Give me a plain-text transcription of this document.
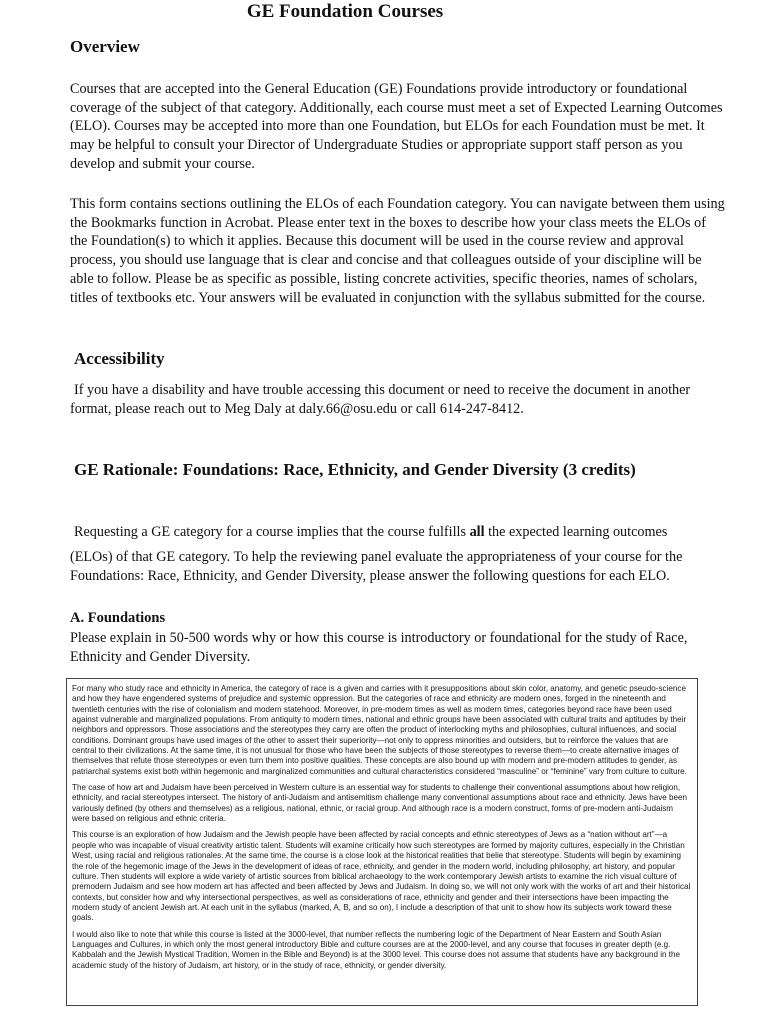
GE Foundation Courses
Overview

Courses that are accepted into the General Education (GE) Foundations provide introductory or foundational coverage of the subject of that category. Additionally, each course must meet a set of Expected Learning Outcomes (ELO). Courses may be accepted into more than one Foundation, but ELOs for each Foundation must be met. It may be helpful to consult your Director of Undergraduate Studies or appropriate support staff person as you develop and submit your course.

This form contains sections outlining the ELOs of each Foundation category. You can navigate between them using the Bookmarks function in Acrobat. Please enter text in the boxes to describe how your class meets the ELOs of the Foundation(s) to which it applies. Because this document will be used in the course review and approval process, you should use language that is clear and concise and that colleagues outside of your discipline will be able to follow. Please be as specific as possible, listing concrete activities, specific theories, names of scholars, titles of textbooks etc. Your answers will be evaluated in conjunction with the syllabus submitted for the course.

Accessibility

If you have a disability and have trouble accessing this document or need to receive the document in another format, please reach out to Meg Daly at daly.66@osu.edu or call 614-247-8412.

GE Rationale: Foundations: Race, Ethnicity, and Gender Diversity (3 credits)

Requesting a GE category for a course implies that the course fulfills all the expected learning outcomes

(ELOs) of that GE category. To help the reviewing panel evaluate the appropriateness of your course for the Foundations: Race, Ethnicity, and Gender Diversity, please answer the following questions for each ELO.

A. Foundations

Please explain in 50-500 words why or how this course is introductory or foundational for the study of Race, Ethnicity and Gender Diversity.

For many who study race and ethnicity in America, the category of race is a given and carries with it presuppositions about skin color, anatomy, and genetic pseudo-science and how they have engendered systems of prejudice and systemic oppression. But the categories of race and ethnicity are modern ones, forged in the nineteenth and twentieth centuries with the rise of colonialism and modern statehood. Moreover, in pre-modern times as well as modern times, categories beyond race have been used against vulnerable and marginalized populations. From antiquity to modern times, national and ethnic groups have been associated with cultural traits and aptitudes by their neighbors and oppressors. Those associations and the stereotypes they carry are often the product of interlocking myths and philosophies, cultural influences, and social conditions. Dominant groups have used images of the other to assert their superiority—not only to oppress minorities and outsiders, but to reinforce the values that are central to their civilizations. At the same time, it is not unusual for those who have been the subjects of those stereotypes to reverse them—to create alternative images of themselves that refute those stereotypes or even turn them into positive qualities. These concepts are also bound up with modern and pre-modern attitudes to gender, as patriarchal systems exist both within hegemonic and marginalized communities and cultural characteristics considered “masculine” or “feminine” vary from culture to culture.

The case of how art and Judaism have been perceived in Western culture is an essential way for students to challenge their conventional assumptions about how religion, ethnicity, and racial stereotypes intersect. The history of anti-Judaism and antisemitism challenge many conventional assumptions about race and ethnicity. Jews have been variously defined (by others and themselves) as a religious, national, ethnic, or racial group. And although race is a modern construct, forms of pre-modern anti-Judaism were based on religious and ethnic criteria.

This course is an exploration of how Judaism and the Jewish people have been affected by racial concepts and ethnic stereotypes of Jews as a “nation without art”—a people who was incapable of visual creativity artistic talent. Students will examine critically how such stereotypes are formed by majority cultures, especially in the Christian West, using racial and religious rationales. At the same time, the course is a close look at the historical realities that belie that stereotype. Students will begin by examining the role of the hegemonic image of the Jews in the development of ideas of race, ethnicity, and gender in the modern world, including philosophy, art history, and popular culture. Then students will explore a wide variety of artistic sources from biblical archaeology to the work contemporary Jewish artists to examine the rich visual culture of premodern Judaism and see how modern art has affected and been affected by Jews and Judaism. In doing so, we will not only work with the works of art and their historical contexts, but consider how and why intersectional perspectives, as well as considerations of race, ethnicity and gender and their intersections have been impacting the modern study of ancient Jewish art. At each unit in the syllabus (marked, A, B, and so on), I include a description of that unit to show how its subjects work toward these goals.

I would also like to note that while this course is listed at the 3000-level, that number reflects the numbering logic of the Department of Near Eastern and South Asian Languages and Cultures, in which only the most general introductory Bible and culture courses are at the 2000-level, and any course that focuses in greater depth (e.g. Kabbalah and the Jewish Mystical Tradition, Women in the Bible and Beyond) is at the 3000 level. This course does not assume that students have any background in the academic study of the history of Judaism, art history, or in the study of race, ethnicity, or gender diversity.
